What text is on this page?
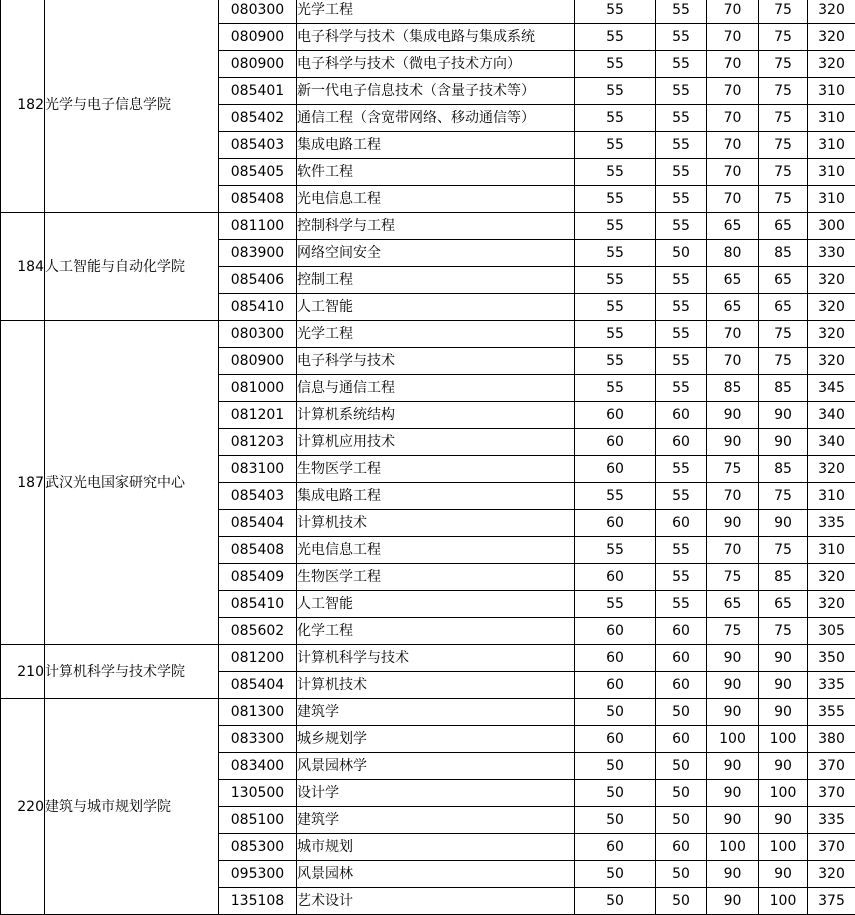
182	光学与电子信息学院	080300	光学工程	55	55	70	75	320
		080900	电子科学与技术（集成电路与集成系统	55	55	70	75	320
		080900	电子科学与技术（微电子技术方向）	55	55	70	75	320
		085401	新一代电子信息技术（含量子技术等）	55	55	70	75	310
		085402	通信工程（含宽带网络、移动通信等）	55	55	70	75	310
		085403	集成电路工程	55	55	70	75	310
		085405	软件工程	55	55	70	75	310
		085408	光电信息工程	55	55	70	75	310
184	人工智能与自动化学院	081100	控制科学与工程	55	55	65	65	300
		083900	网络空间安全	55	50	80	85	330
		085406	控制工程	55	55	65	65	320
		085410	人工智能	55	55	65	65	320
187	武汉光电国家研究中心	080300	光学工程	55	55	70	75	320
		080900	电子科学与技术	55	55	70	75	320
		081000	信息与通信工程	55	55	85	85	345
		081201	计算机系统结构	60	60	90	90	340
		081203	计算机应用技术	60	60	90	90	340
		083100	生物医学工程	60	55	75	85	320
		085403	集成电路工程	55	55	70	75	310
		085404	计算机技术	60	60	90	90	335
		085408	光电信息工程	55	55	70	75	310
		085409	生物医学工程	60	55	75	85	320
		085410	人工智能	55	55	65	65	320
		085602	化学工程	60	60	75	75	305
210	计算机科学与技术学院	081200	计算机科学与技术	60	60	90	90	350
		085404	计算机技术	60	60	90	90	335
220	建筑与城市规划学院	081300	建筑学	50	50	90	90	355
		083300	城乡规划学	60	60	100	100	380
		083400	风景园林学	50	50	90	90	370
		130500	设计学	50	50	90	100	370
		085100	建筑学	50	50	90	90	335
		085300	城市规划	60	60	100	100	370
		095300	风景园林	50	50	90	90	320
		135108	艺术设计	50	50	90	100	375
